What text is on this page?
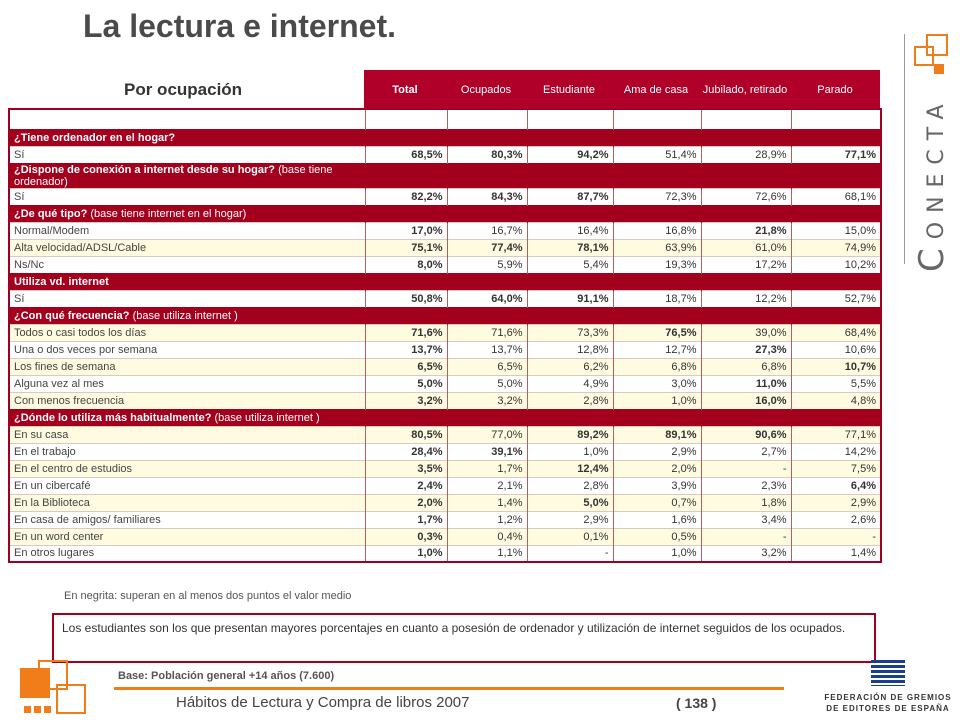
La lectura e internet.
CONECTA
Por ocupación	Total	Ocupados	Estudiante	Ama de casa	Jubilado, retirado	Parado

¿Tiene ordenador en el hogar?						
Sí	68,5%	80,3%	94,2%	51,4%	28,9%	77,1%
¿Dispone de conexión a internet desde su hogar? (base tiene ordenador)						
Sí	82,2%	84,3%	87,7%	72,3%	72,6%	68,1%
¿De qué tipo? (base tiene internet en el hogar)						
Normal/Modem	17,0%	16,7%	16,4%	16,8%	21,8%	15,0%
Alta velocidad/ADSL/Cable	75,1%	77,4%	78,1%	63,9%	61,0%	74,9%
Ns/Nc	8,0%	5,9%	5,4%	19,3%	17,2%	10,2%
Utiliza vd. internet						
Sí	50,8%	64,0%	91,1%	18,7%	12,2%	52,7%
¿Con qué frecuencia? (base utiliza internet )						
Todos o casi todos los días	71,6%	71,6%	73,3%	76,5%	39,0%	68,4%
Una o dos veces por semana	13,7%	13,7%	12,8%	12,7%	27,3%	10,6%
Los fines de semana	6,5%	6,5%	6,2%	6,8%	6,8%	10,7%
Alguna vez al mes	5,0%	5,0%	4,9%	3,0%	11,0%	5,5%
Con menos frecuencia	3,2%	3,2%	2,8%	1,0%	16,0%	4,8%
¿Dónde lo utiliza más habitualmente? (base utiliza internet )						
En su casa	80,5%	77,0%	89,2%	89,1%	90,6%	77,1%
En el trabajo	28,4%	39,1%	1,0%	2,9%	2,7%	14,2%
En el centro de estudios	3,5%	1,7%	12,4%	2,0%	-	7,5%
En un cibercafé	2,4%	2,1%	2,8%	3,9%	2,3%	6,4%
En la Biblioteca	2,0%	1,4%	5,0%	0,7%	1,8%	2,9%
En casa de amigos/ familiares	1,7%	1,2%	2,9%	1,6%	3,4%	2,6%
En un word center	0,3%	0,4%	0,1%	0,5%	-	-
En otros lugares	1,0%	1,1%	-	1,0%	3,2%	1,4%
En negrita: superan en al menos dos puntos el valor medio
Los estudiantes son los que presentan mayores porcentajes en cuanto a posesión de ordenador y utilización de internet seguidos de los ocupados.
Base: Población general +14 años (7.600)
Hábitos de Lectura y Compra de libros 2007	( 138 )	FEDERACIÓN DE GREMIOS DE EDITORES DE ESPAÑA
